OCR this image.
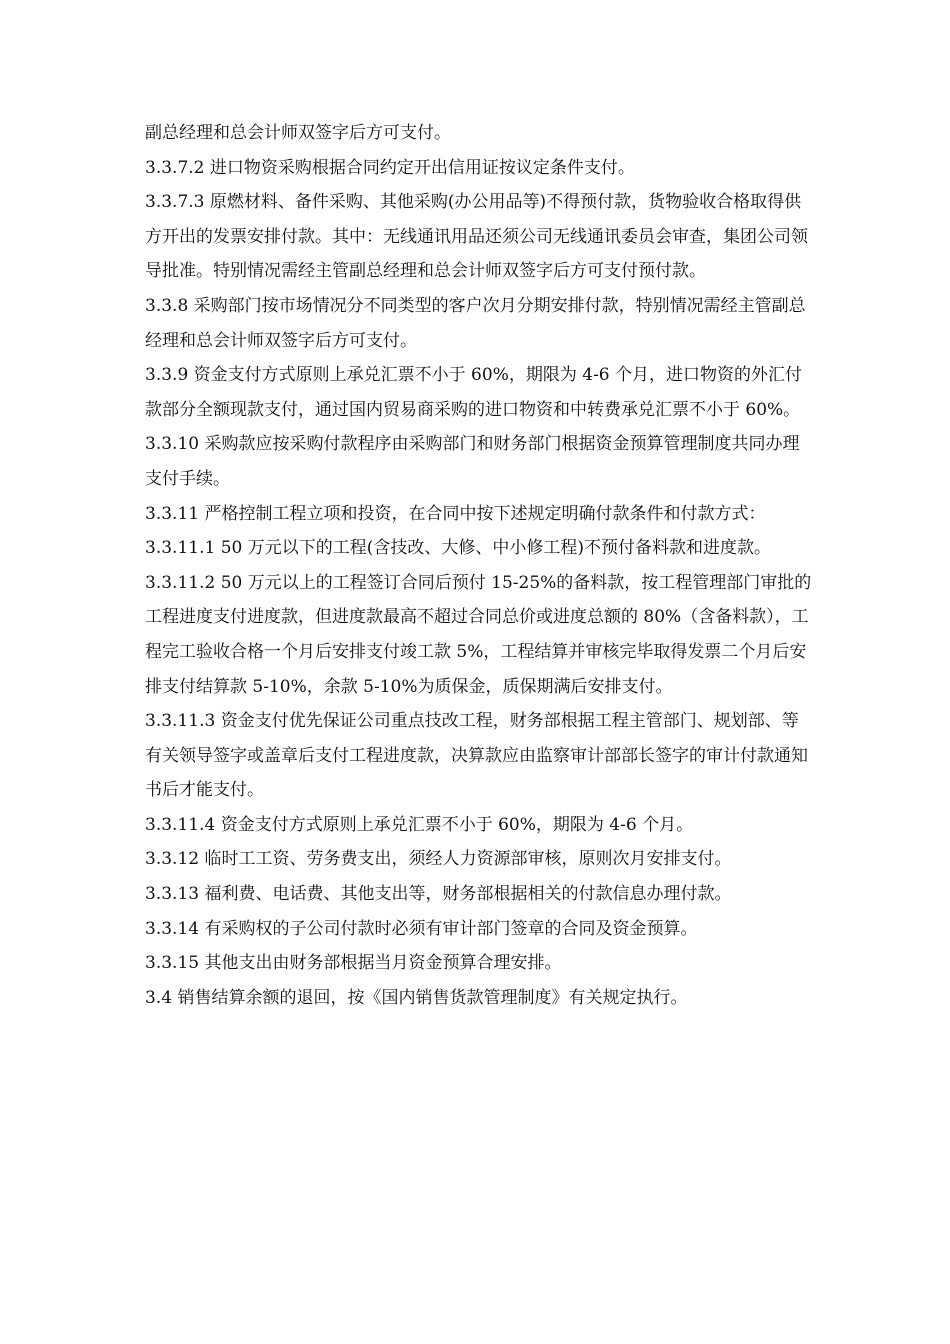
副总经理和总会计师双签字后方可支付。

3.3.7.2 进口物资采购根据合同约定开出信用证按议定条件支付。

3.3.7.3 原燃材料、备件采购、其他采购(办公用品等)不得预付款，货物验收合格取得供方开出的发票安排付款。其中：无线通讯用品还须公司无线通讯委员会审查，集团公司领导批准。特别情况需经主管副总经理和总会计师双签字后方可支付预付款。

3.3.8 采购部门按市场情况分不同类型的客户次月分期安排付款，特别情况需经主管副总经理和总会计师双签字后方可支付。

3.3.9 资金支付方式原则上承兑汇票不小于 60%，期限为 4-6 个月，进口物资的外汇付款部分全额现款支付，通过国内贸易商采购的进口物资和中转费承兑汇票不小于 60%。

3.3.10 采购款应按采购付款程序由采购部门和财务部门根据资金预算管理制度共同办理支付手续。

3.3.11 严格控制工程立项和投资，在合同中按下述规定明确付款条件和付款方式：

3.3.11.1 50 万元以下的工程(含技改、大修、中小修工程)不预付备料款和进度款。

3.3.11.2 50 万元以上的工程签订合同后预付 15-25%的备料款，按工程管理部门审批的工程进度支付进度款，但进度款最高不超过合同总价或进度总额的 80%（含备料款），工程完工验收合格一个月后安排支付竣工款 5%，工程结算并审核完毕取得发票二个月后安排支付结算款 5-10%，余款 5-10%为质保金，质保期满后安排支付。

3.3.11.3 资金支付优先保证公司重点技改工程，财务部根据工程主管部门、规划部、等有关领导签字或盖章后支付工程进度款，决算款应由监察审计部部长签字的审计付款通知书后才能支付。

3.3.11.4 资金支付方式原则上承兑汇票不小于 60%，期限为 4-6 个月。

3.3.12 临时工工资、劳务费支出，须经人力资源部审核，原则次月安排支付。

3.3.13 福利费、电话费、其他支出等，财务部根据相关的付款信息办理付款。

3.3.14 有采购权的子公司付款时必须有审计部门签章的合同及资金预算。

3.3.15 其他支出由财务部根据当月资金预算合理安排。

3.4 销售结算余额的退回，按《国内销售货款管理制度》有关规定执行。
